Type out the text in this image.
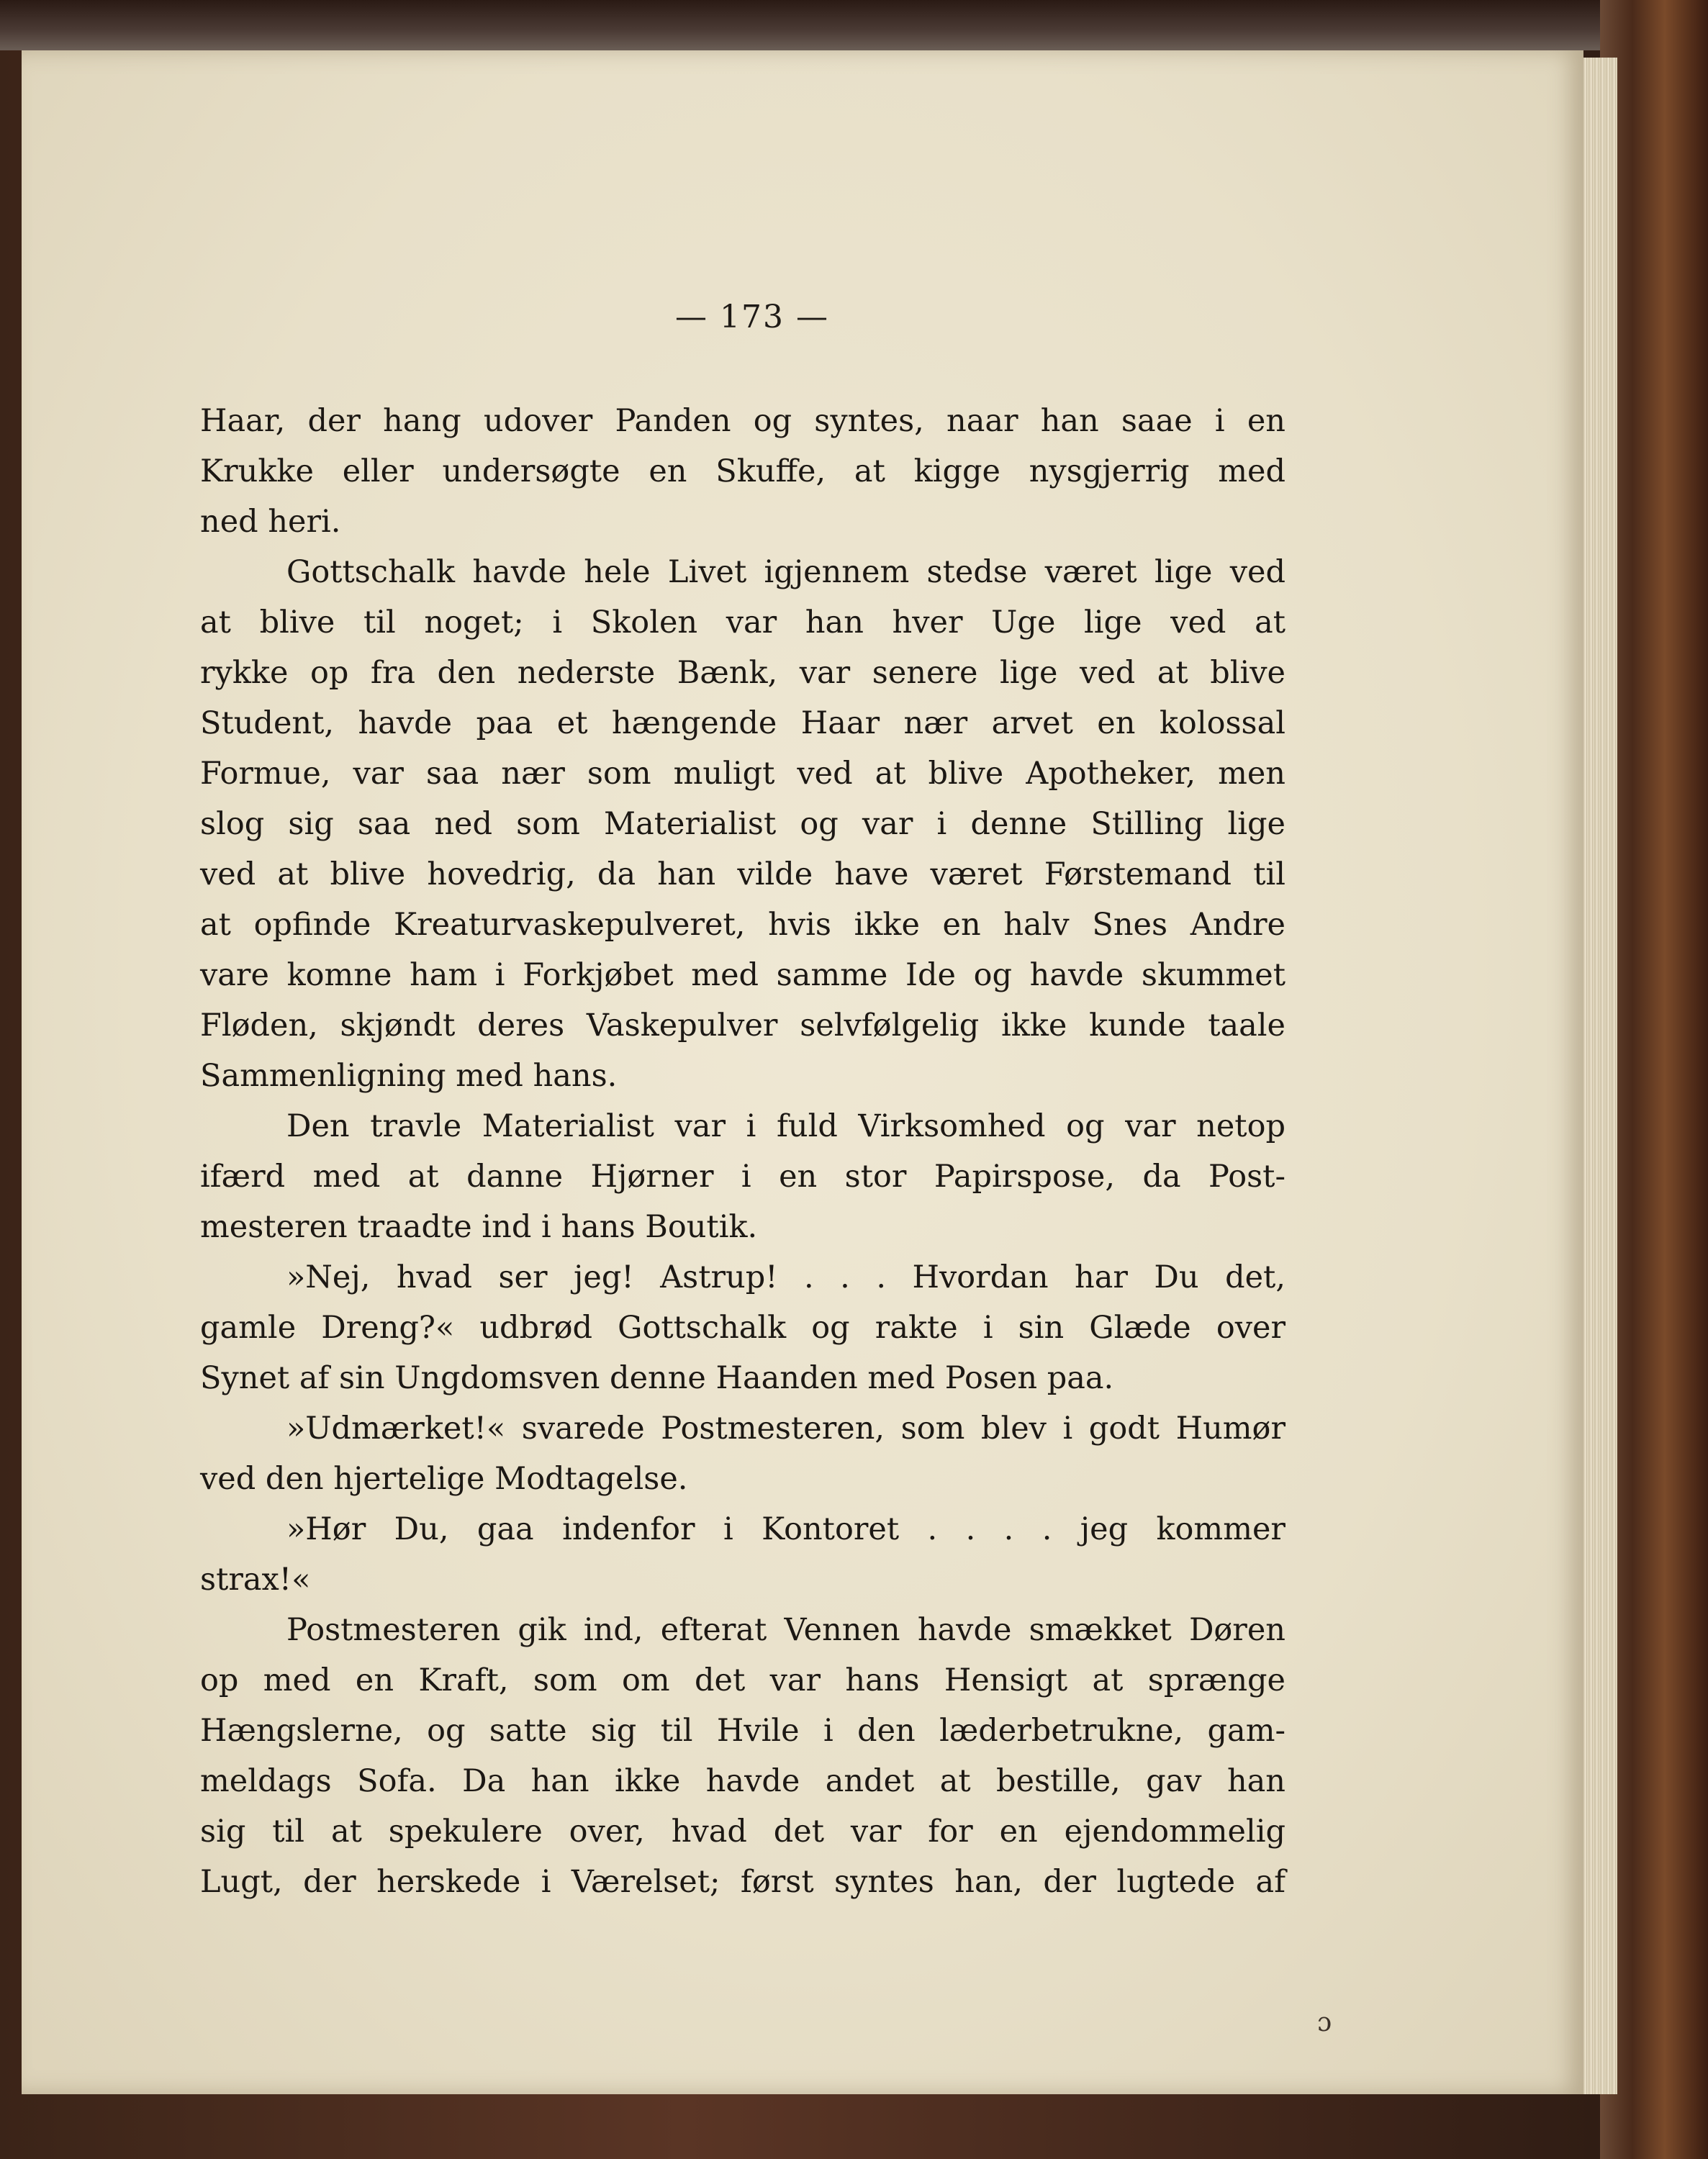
— 173 —
Haar, der hang udover Panden og syntes, naar han saae i en
Krukke eller undersøgte en Skuffe, at kigge nysgjerrig med
ned heri.
Gottschalk havde hele Livet igjennem stedse været lige ved
at blive til noget; i Skolen var han hver Uge lige ved at
rykke op fra den nederste Bænk, var senere lige ved at blive
Student, havde paa et hængende Haar nær arvet en kolossal
Formue, var saa nær som muligt ved at blive Apotheker, men
slog sig saa ned som Materialist og var i denne Stilling lige
ved at blive hovedrig, da han vilde have været Førstemand til
at opfinde Kreaturvaskepulveret, hvis ikke en halv Snes Andre
vare komne ham i Forkjøbet med samme Ide og havde skummet
Fløden, skjøndt deres Vaskepulver selvfølgelig ikke kunde taale
Sammenligning med hans.
Den travle Materialist var i fuld Virksomhed og var netop
ifærd med at danne Hjørner i en stor Papirspose, da Post-
mesteren traadte ind i hans Boutik.
»Nej, hvad ser jeg! Astrup! . . . Hvordan har Du det,
gamle Dreng?« udbrød Gottschalk og rakte i sin Glæde over
Synet af sin Ungdomsven denne Haanden med Posen paa.
»Udmærket!« svarede Postmesteren, som blev i godt Humør
ved den hjertelige Modtagelse.
»Hør Du, gaa indenfor i Kontoret . . . . jeg kommer
strax!«
Postmesteren gik ind, efterat Vennen havde smækket Døren
op med en Kraft, som om det var hans Hensigt at sprænge
Hængslerne, og satte sig til Hvile i den læderbetrukne, gam-
meldags Sofa. Da han ikke havde andet at bestille, gav han
sig til at spekulere over, hvad det var for en ejendommelig
Lugt, der herskede i Værelset; først syntes han, der lugtede af
ɔ
